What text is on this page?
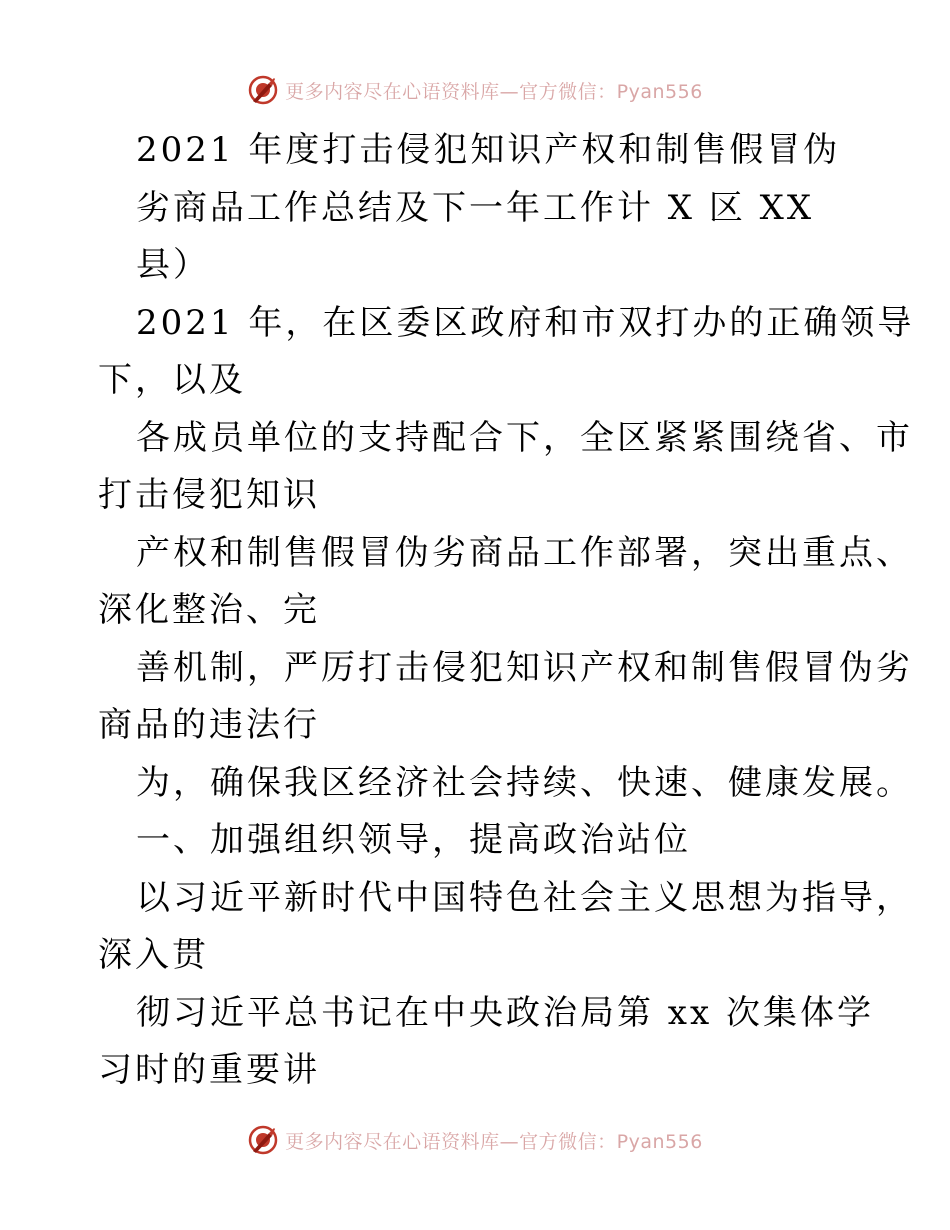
更多内容尽在心语资料库—官方微信：Pyan556
2021 年度打击侵犯知识产权和制售假冒伪
劣商品工作总结及下一年工作计 X 区 XX
县）
2021 年，在区委区政府和市双打办的正确领导
下，以及
各成员单位的支持配合下，全区紧紧围绕省、市
打击侵犯知识
产权和制售假冒伪劣商品工作部署，突出重点、
深化整治、完
善机制，严厉打击侵犯知识产权和制售假冒伪劣
商品的违法行
为，确保我区经济社会持续、快速、健康发展。
一、加强组织领导，提高政治站位
以习近平新时代中国特色社会主义思想为指导，
深入贯
彻习近平总书记在中央政治局第 xx 次集体学
习时的重要讲
更多内容尽在心语资料库—官方微信：Pyan556
